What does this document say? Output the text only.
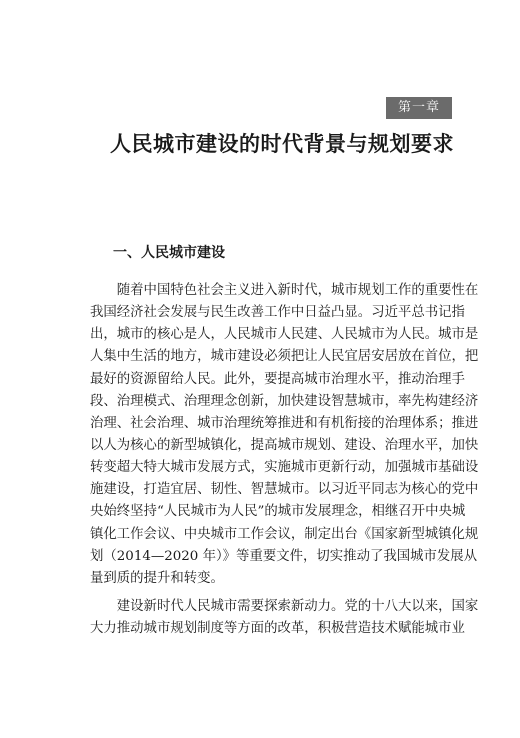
第一章
人民城市建设的时代背景与规划要求
一、人民城市建设
　　随着中国特色社会主义进入新时代，城市规划工作的重要性在
我国经济社会发展与民生改善工作中日益凸显。习近平总书记指
出，城市的核心是人，人民城市人民建、人民城市为人民。城市是
人集中生活的地方，城市建设必须把让人民宜居安居放在首位，把
最好的资源留给人民。此外，要提高城市治理水平，推动治理手
段、治理模式、治理理念创新，加快建设智慧城市，率先构建经济
治理、社会治理、城市治理统筹推进和有机衔接的治理体系；推进
以人为核心的新型城镇化，提高城市规划、建设、治理水平，加快
转变超大特大城市发展方式，实施城市更新行动，加强城市基础设
施建设，打造宜居、韧性、智慧城市。以习近平同志为核心的党中
央始终坚持“人民城市为人民”的城市发展理念，相继召开中央城
镇化工作会议、中央城市工作会议，制定出台《国家新型城镇化规
划（2014—2020 年）》等重要文件，切实推动了我国城市发展从
量到质的提升和转变。
　　建设新时代人民城市需要探索新动力。党的十八大以来，国家
大力推动城市规划制度等方面的改革，积极营造技术赋能城市业
